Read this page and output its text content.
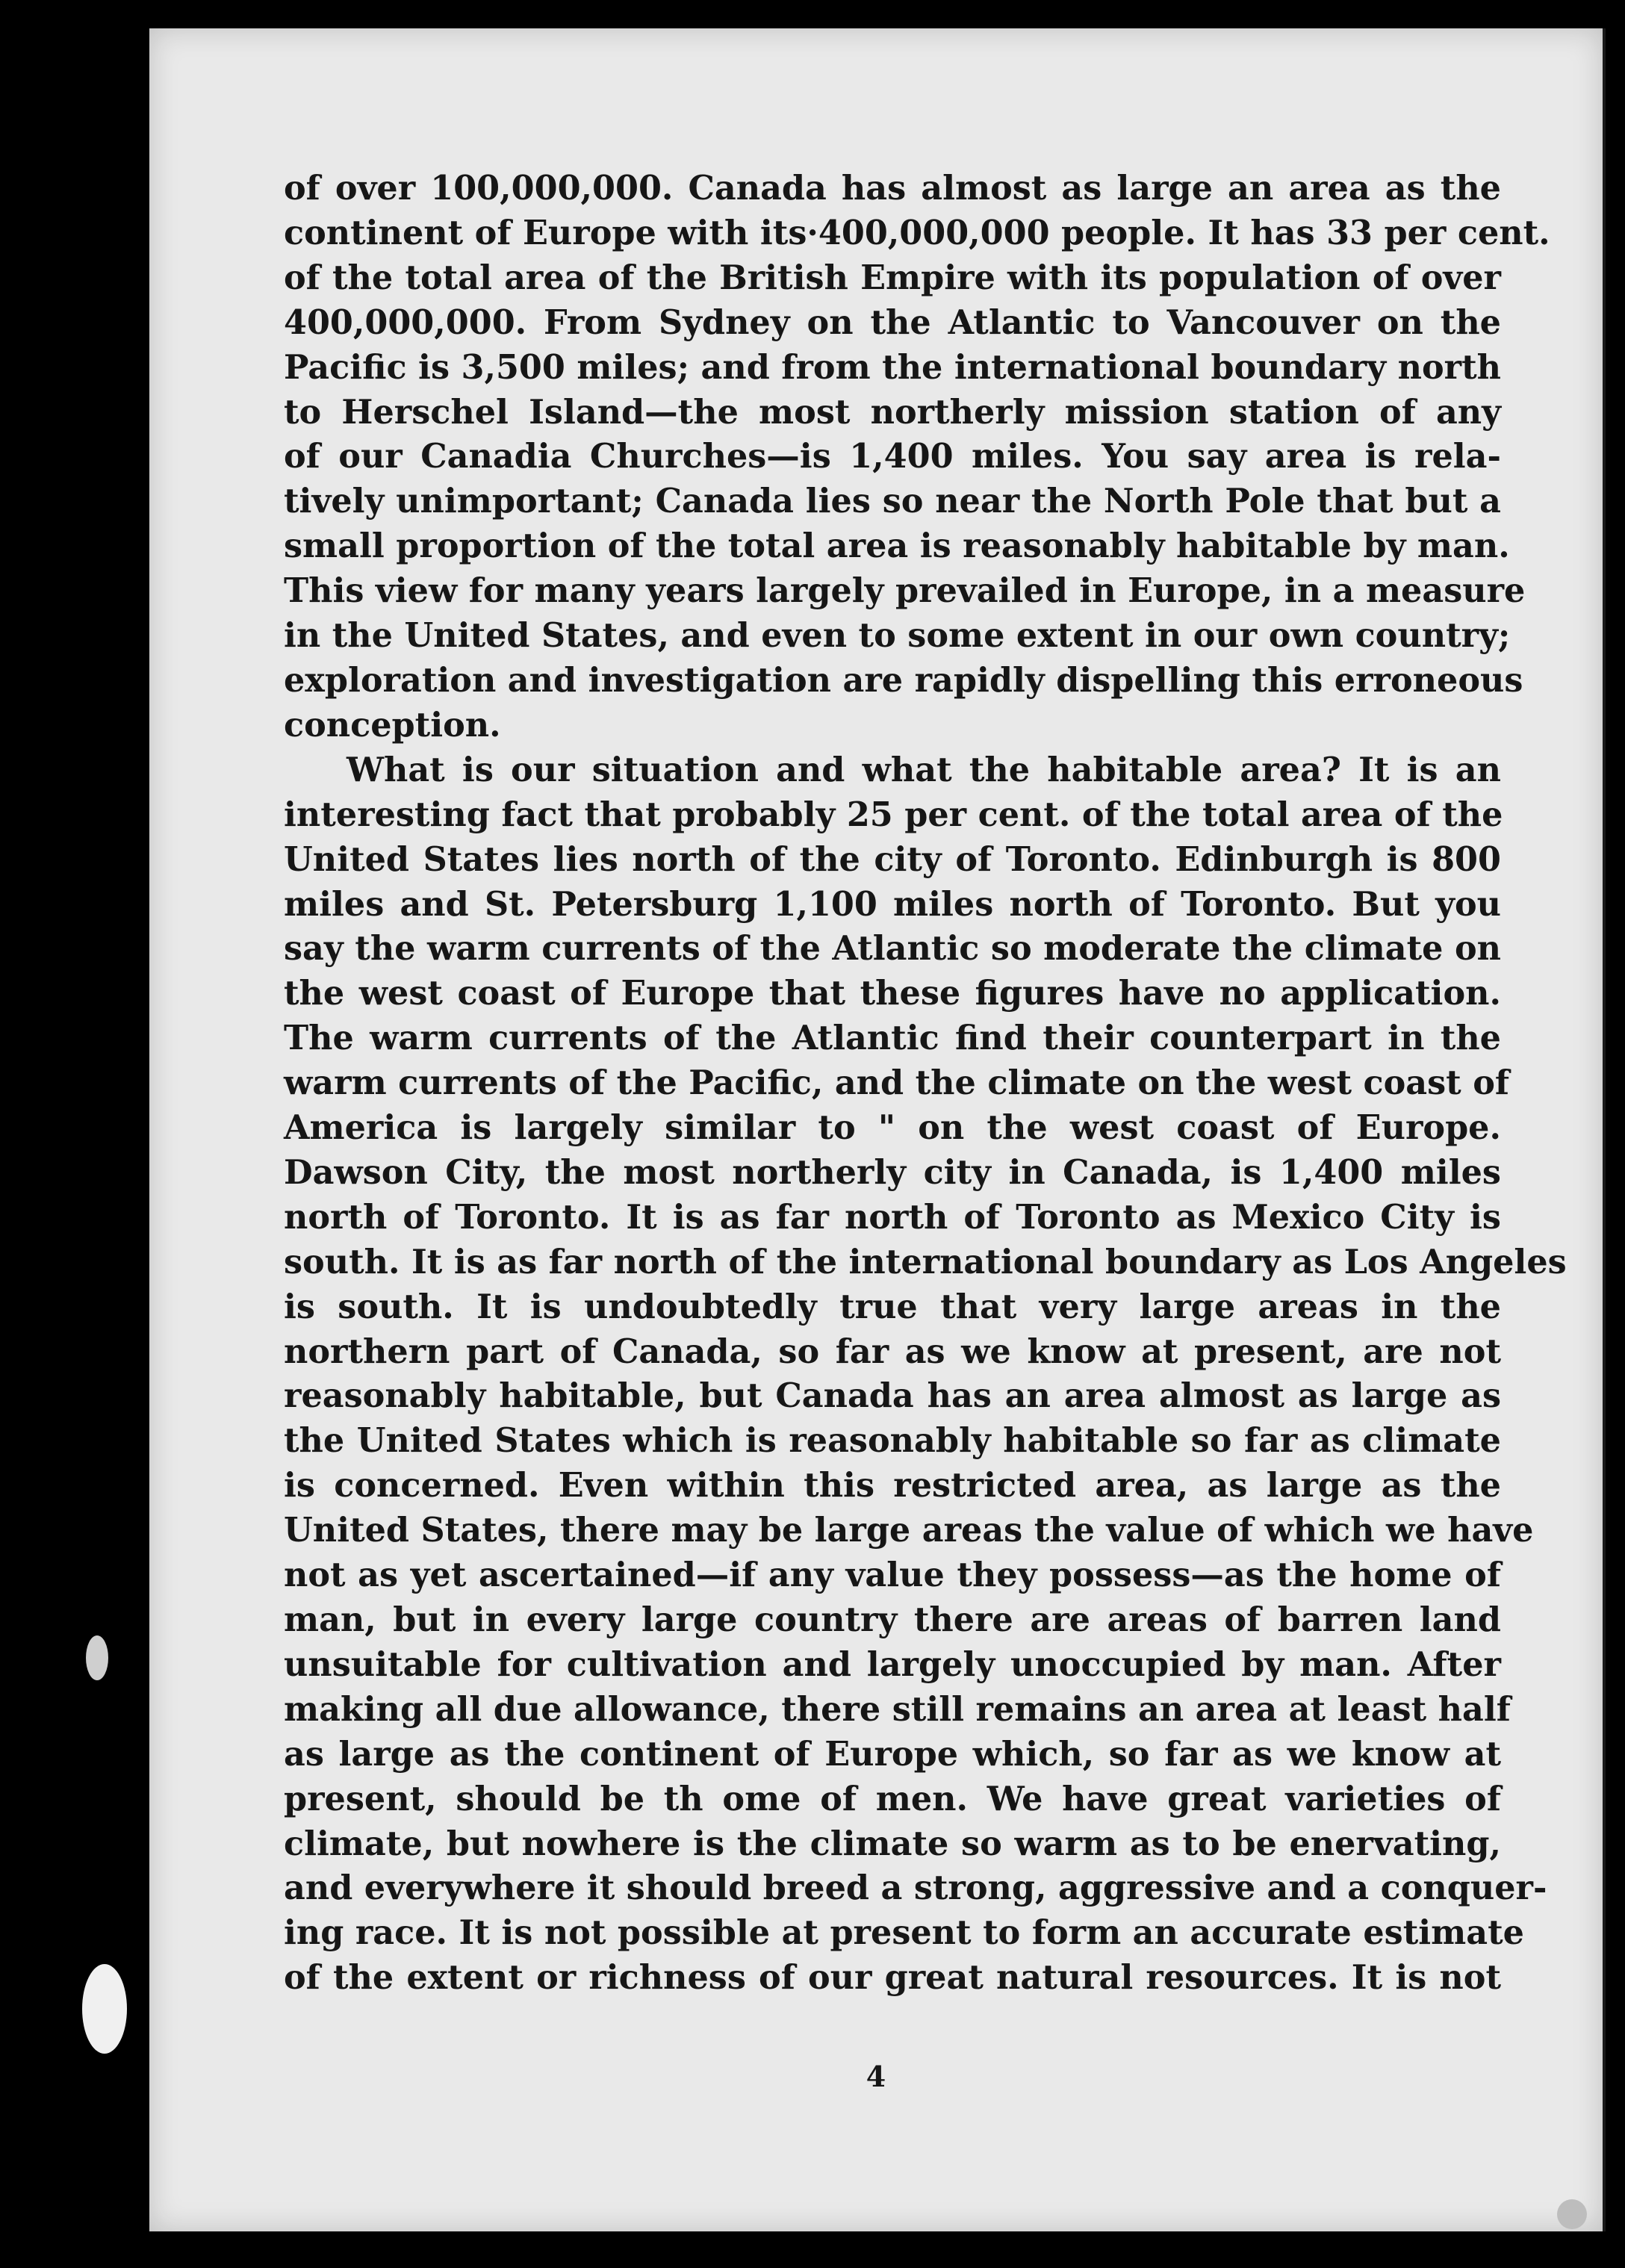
of over 100,000,000. Canada has almost as large an area as the
continent of Europe with its·400,000,000 people. It has 33 per cent.
of the total area of the British Empire with its population of over
400,000,000. From Sydney on the Atlantic to Vancouver on the
Pacific is 3,500 miles; and from the international boundary north
to Herschel Island—the most northerly mission station of any
of our Canadia Churches—is 1,400 miles. You say area is rela-
tively unimportant; Canada lies so near the North Pole that but a
small proportion of the total area is reasonably habitable by man.
This view for many years largely prevailed in Europe, in a measure
in the United States, and even to some extent in our own country;
exploration and investigation are rapidly dispelling this erroneous
conception.
What is our situation and what the habitable area? It is an
interesting fact that probably 25 per cent. of the total area of the
United States lies north of the city of Toronto. Edinburgh is 800
miles and St. Petersburg 1,100 miles north of Toronto. But you
say the warm currents of the Atlantic so moderate the climate on
the west coast of Europe that these figures have no application.
The warm currents of the Atlantic find their counterpart in the
warm currents of the Pacific, and the climate on the west coast of
America is largely similar to " on the west coast of Europe.
Dawson City, the most northerly city in Canada, is 1,400 miles
north of Toronto. It is as far north of Toronto as Mexico City is
south. It is as far north of the international boundary as Los Angeles
is south. It is undoubtedly true that very large areas in the
northern part of Canada, so far as we know at present, are not
reasonably habitable, but Canada has an area almost as large as
the United States which is reasonably habitable so far as climate
is concerned. Even within this restricted area, as large as the
United States, there may be large areas the value of which we have
not as yet ascertained—if any value they possess—as the home of
man, but in every large country there are areas of barren land
unsuitable for cultivation and largely unoccupied by man. After
making all due allowance, there still remains an area at least half
as large as the continent of Europe which, so far as we know at
present, should be th ome of men. We have great varieties of
climate, but nowhere is the climate so warm as to be enervating,
and everywhere it should breed a strong, aggressive and a conquer-
ing race. It is not possible at present to form an accurate estimate
of the extent or richness of our great natural resources. It is not
4
